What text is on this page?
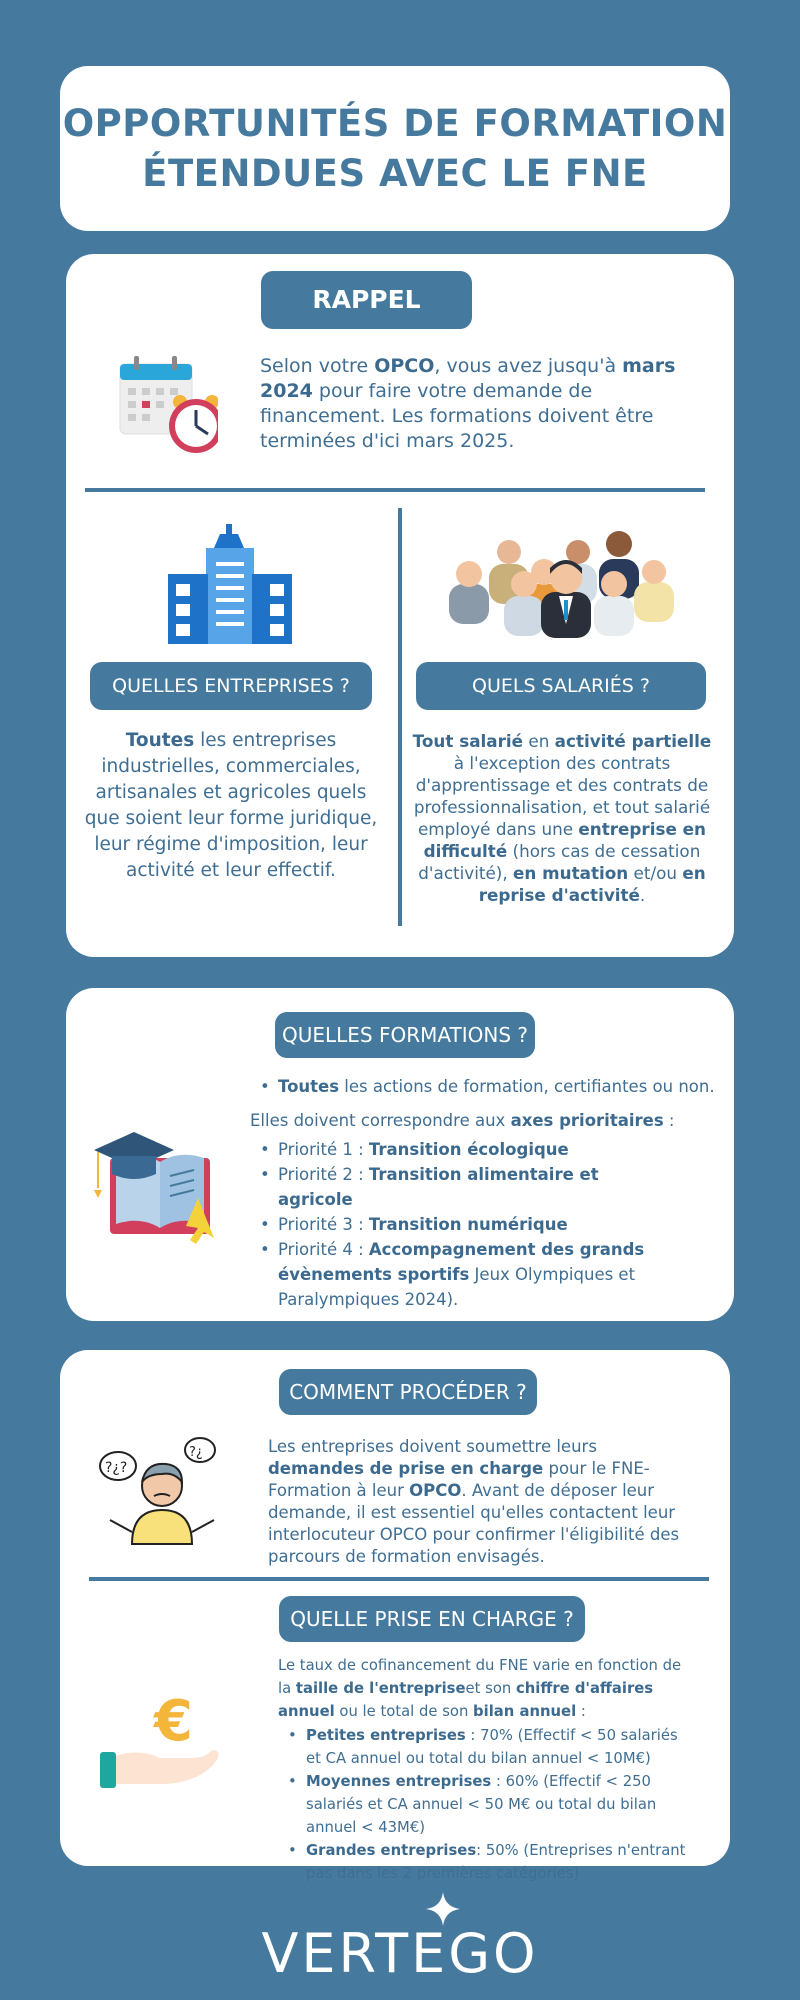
OPPORTUNITÉS DE FORMATION
ÉTENDUES AVEC LE FNE
RAPPEL
Selon votre OPCO, vous avez jusqu'à mars 2024 pour faire votre demande de financement. Les formations doivent être terminées d'ici mars 2025.
QUELLES ENTREPRISES ?	QUELS SALARIÉS ?
Toutes les entreprises industrielles, commerciales, artisanales et agricoles quels que soient leur forme juridique, leur régime d'imposition, leur activité et leur effectif.
Tout salarié en activité partielle à l'exception des contrats d'apprentissage et des contrats de professionnalisation, et tout salarié employé dans une entreprise en difficulté (hors cas de cessation d'activité), en mutation et/ou en reprise d'activité.
QUELLES FORMATIONS ?
• Toutes les actions de formation, certifiantes ou non.
Elles doivent correspondre aux axes prioritaires :
• Priorité 1 : Transition écologique
• Priorité 2 : Transition alimentaire et agricole
• Priorité 3 : Transition numérique
• Priorité 4 : Accompagnement des grands évènements sportifs Jeux Olympiques et Paralympiques 2024).
COMMENT PROCÉDER ?
?¿?
?¿	Les entreprises doivent soumettre leurs demandes de prise en charge pour le FNE-Formation à leur OPCO. Avant de déposer leur demande, il est essentiel qu'elles contactent leur interlocuteur OPCO pour confirmer l'éligibilité des parcours de formation envisagés.
QUELLE PRISE EN CHARGE ?
€
Le taux de cofinancement du FNE varie en fonction de la taille de l'entrepriseet son chiffre d'affaires annuel ou le total de son bilan annuel :
• Petites entreprises : 70% (Effectif < 50 salariés et CA annuel ou total du bilan annuel < 10M€)
• Moyennes entreprises : 60% (Effectif < 250 salariés et CA annuel < 50 M€ ou total du bilan annuel < 43M€)
• Grandes entreprises: 50% (Entreprises n'entrant pas dans les 2 premières catégories)
VERTEGO
